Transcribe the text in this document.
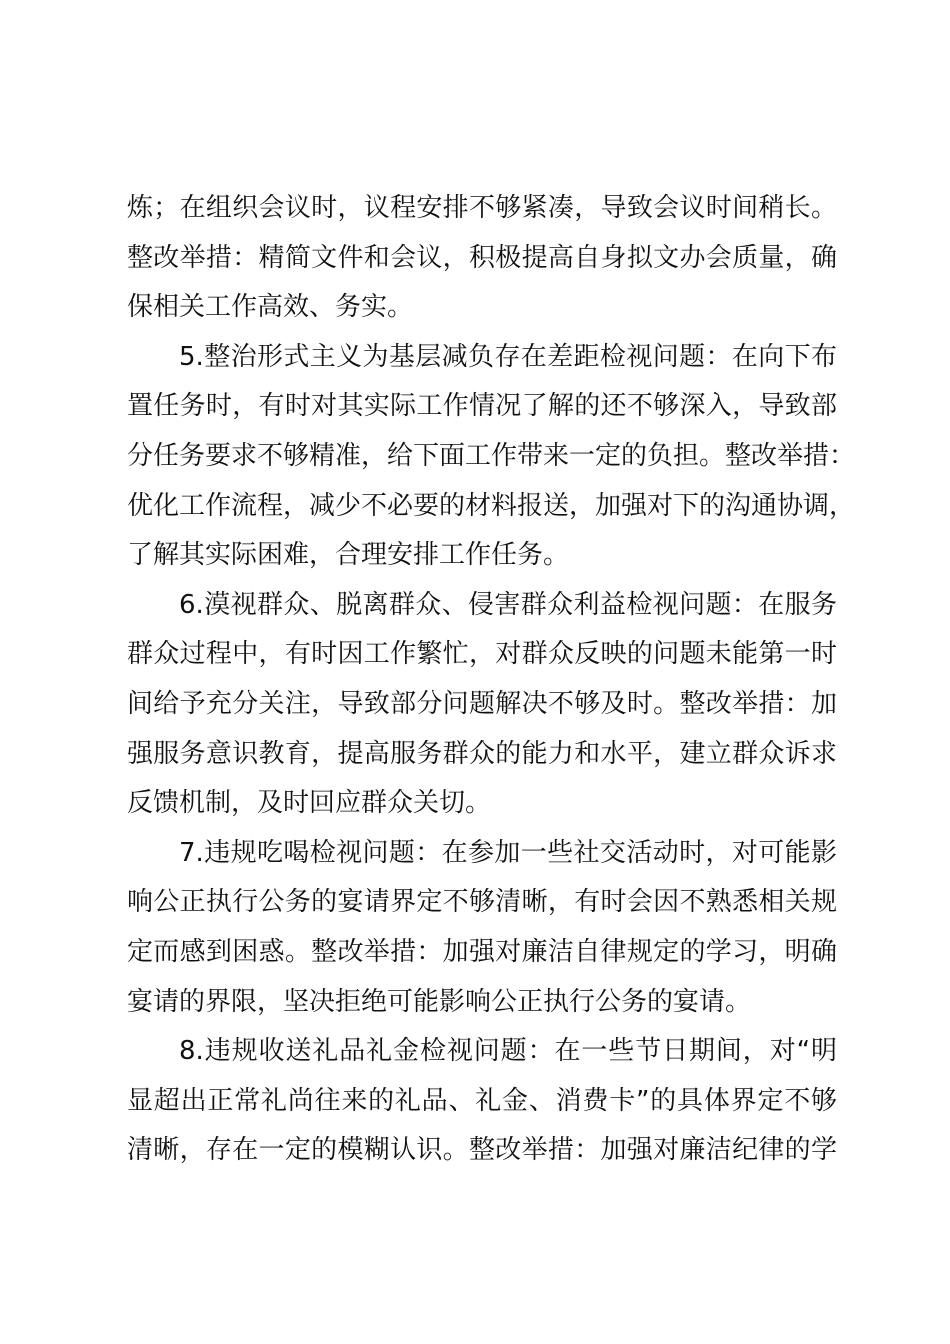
炼；在组织会议时，议程安排不够紧凑，导致会议时间稍长。
整改举措：精简文件和会议，积极提高自身拟文办会质量，确
保相关工作高效、务实。
5.整治形式主义为基层减负存在差距检视问题：在向下布
置任务时，有时对其实际工作情况了解的还不够深入，导致部
分任务要求不够精准，给下面工作带来一定的负担。整改举措：
优化工作流程，减少不必要的材料报送，加强对下的沟通协调，
了解其实际困难，合理安排工作任务。
6.漠视群众、脱离群众、侵害群众利益检视问题：在服务
群众过程中，有时因工作繁忙，对群众反映的问题未能第一时
间给予充分关注，导致部分问题解决不够及时。整改举措：加
强服务意识教育，提高服务群众的能力和水平，建立群众诉求
反馈机制，及时回应群众关切。
7.违规吃喝检视问题：在参加一些社交活动时，对可能影
响公正执行公务的宴请界定不够清晰，有时会因不熟悉相关规
定而感到困惑。整改举措：加强对廉洁自律规定的学习，明确
宴请的界限，坚决拒绝可能影响公正执行公务的宴请。
8.违规收送礼品礼金检视问题：在一些节日期间，对“明
显超出正常礼尚往来的礼品、礼金、消费卡”的具体界定不够
清晰，存在一定的模糊认识。整改举措：加强对廉洁纪律的学
